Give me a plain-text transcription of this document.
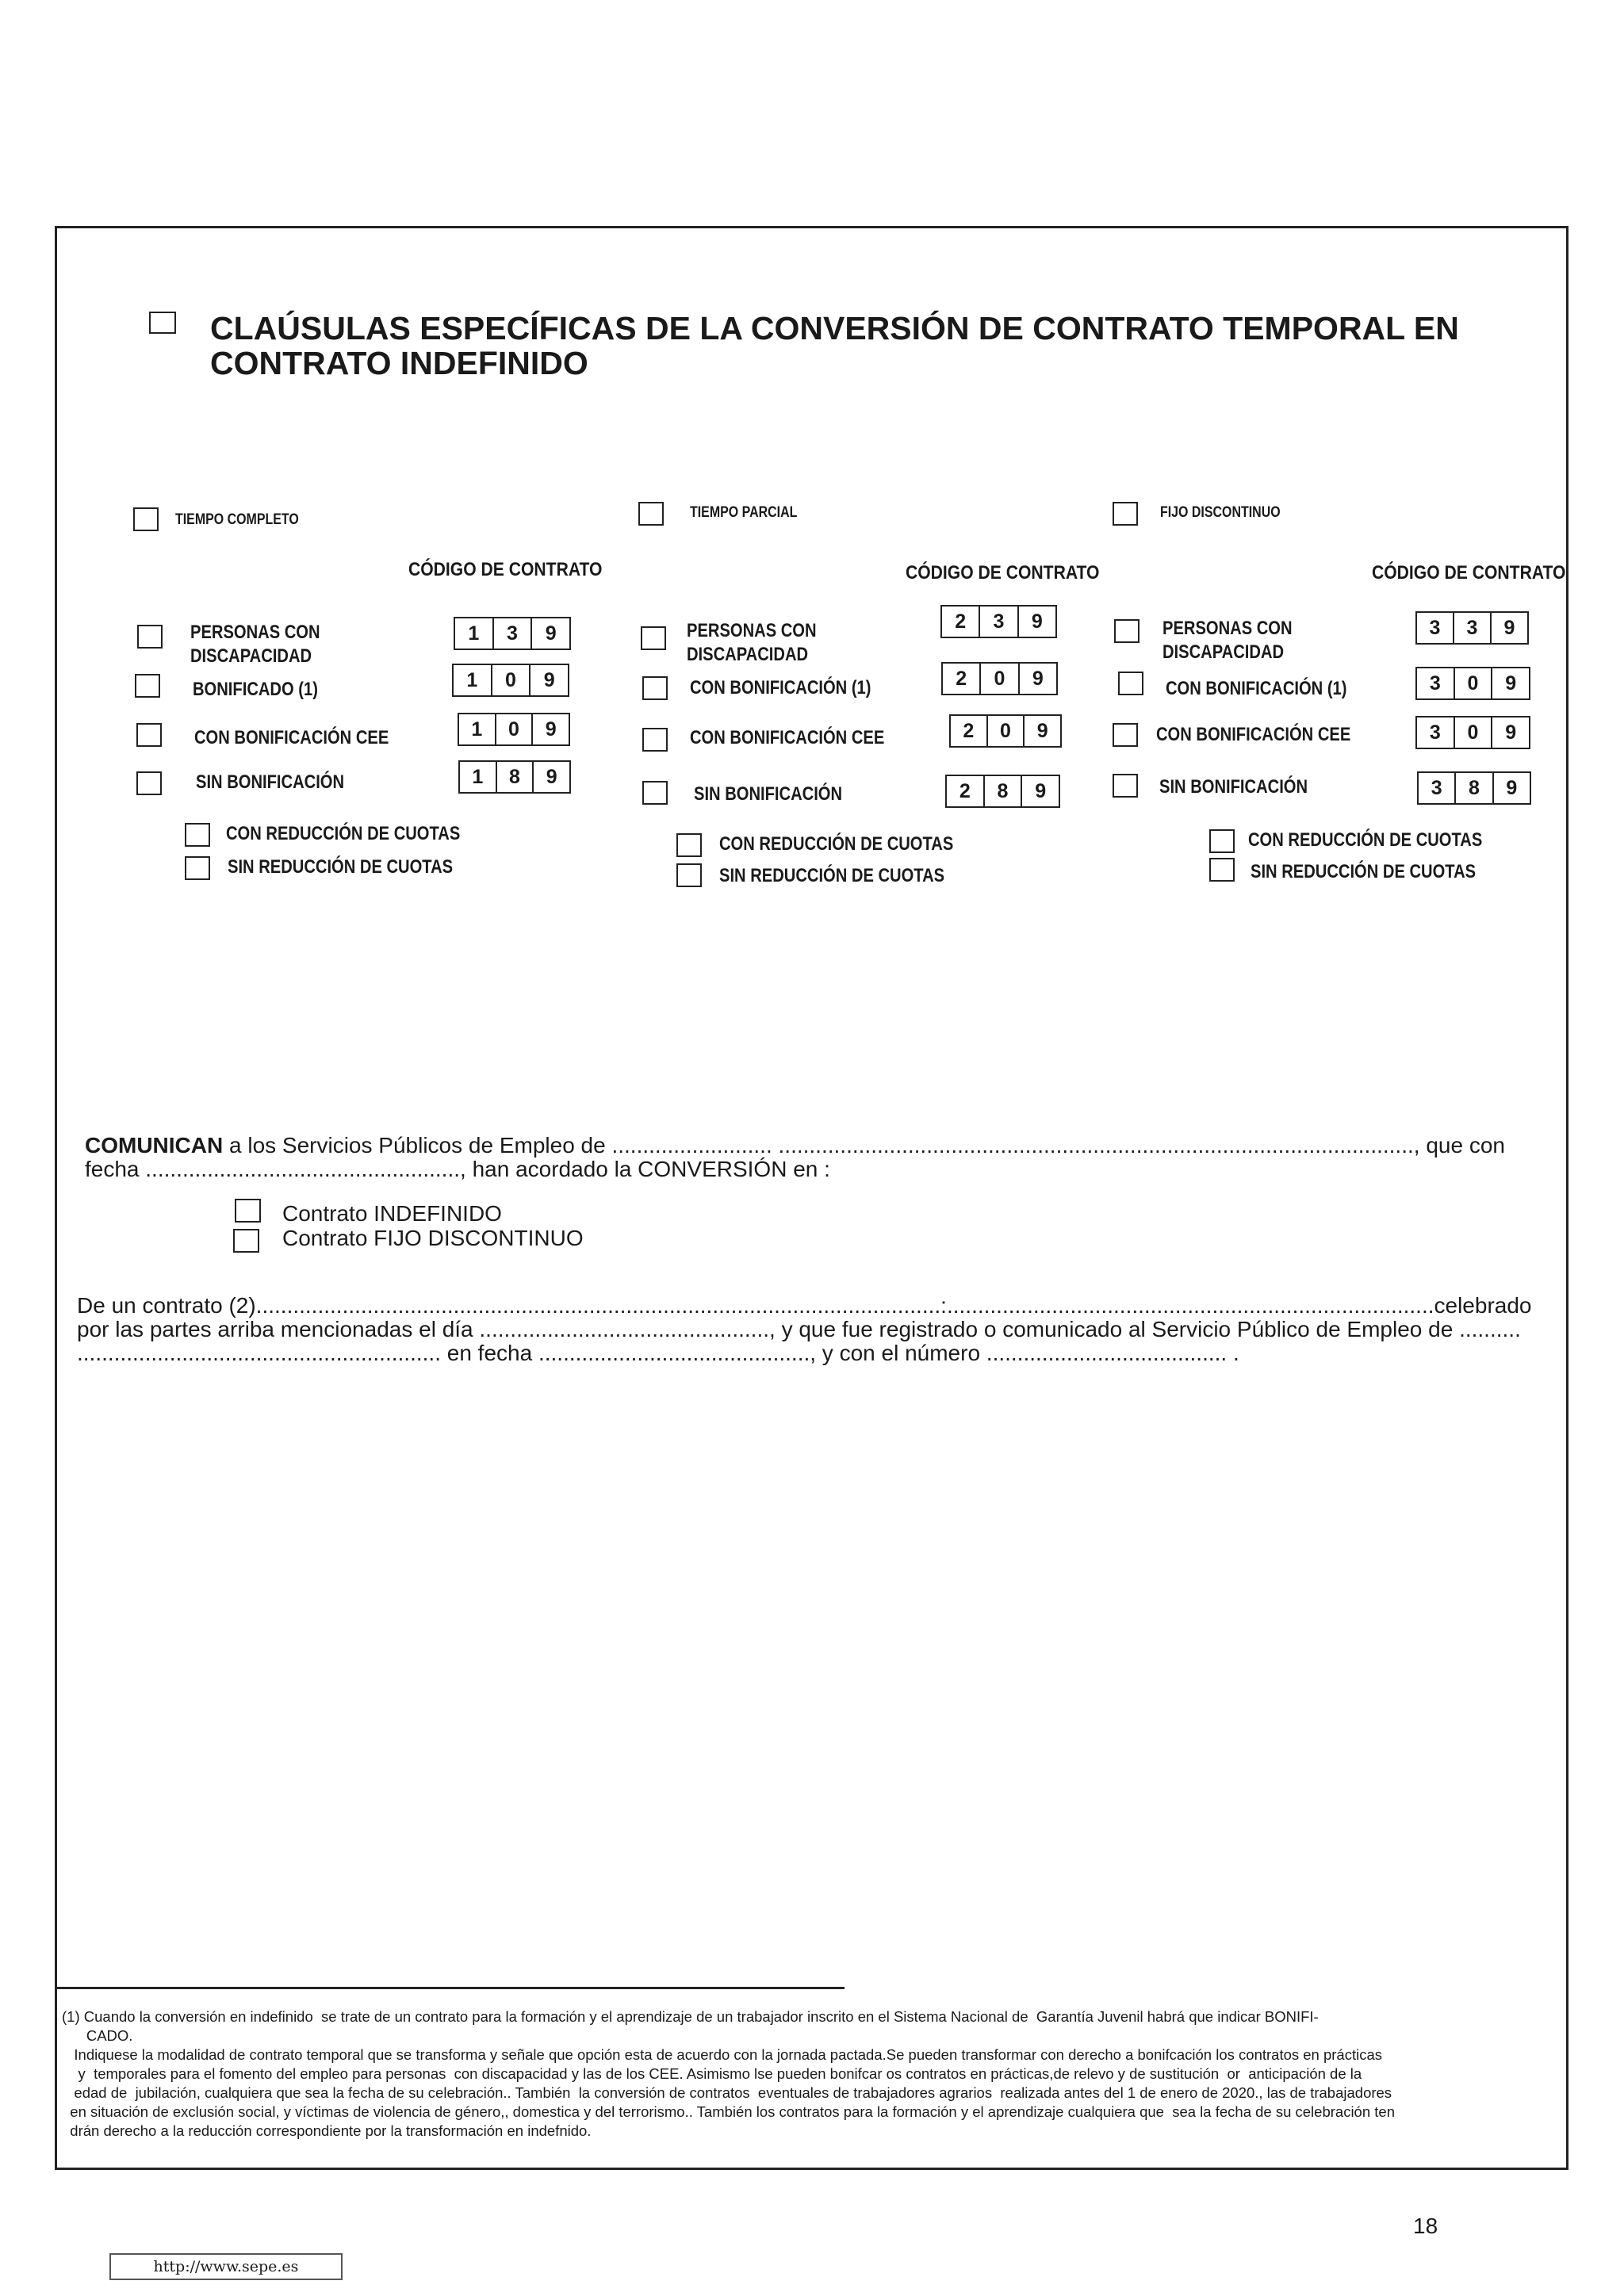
CLAÚSULAS ESPECÍFICAS DE LA CONVERSIÓN DE CONTRATO TEMPORAL EN
CONTRATO INDEFINIDO
TIEMPO COMPLETO
CÓDIGO DE CONTRATO
PERSONAS CON
DISCAPACIDAD
1	3	9
BONIFICADO (1)	1	0	9
CON BONIFICACIÓN CEE	1	0	9
SIN BONIFICACIÓN	1	8	9
CON REDUCCIÓN DE CUOTAS
SIN REDUCCIÓN DE CUOTAS
TIEMPO PARCIAL
CÓDIGO DE CONTRATO
PERSONAS CON
DISCAPACIDAD
2	3	9
CON BONIFICACIÓN (1)	2	0	9
CON BONIFICACIÓN CEE	2	0	9
SIN BONIFICACIÓN	2	8	9
CON REDUCCIÓN DE CUOTAS
SIN REDUCCIÓN DE CUOTAS
FIJO DISCONTINUO
CÓDIGO DE CONTRATO
PERSONAS CON
DISCAPACIDAD
3	3	9
CON BONIFICACIÓN (1)	3	0	9
CON BONIFICACIÓN CEE	3	0	9
SIN BONIFICACIÓN	3	8	9
CON REDUCCIÓN DE CUOTAS
SIN REDUCCIÓN DE CUOTAS
COMUNICAN a los Servicios Públicos de Empleo de .......................... ......................................................................................................., que con
fecha ..................................................., han acordado la CONVERSIÓN en :
Contrato INDEFINIDO
Contrato FIJO DISCONTINUO
De un contrato (2)...............................................................................................................:...............................................................................celebrado
por las partes arriba mencionadas el día ..............................................., y que fue registrado o comunicado al Servicio Público de Empleo de ..........
........................................................... en fecha ............................................, y con el número ....................................... .
(1) Cuando la conversión en indefinido  se trate de un contrato para la formación y el aprendizaje de un trabajador inscrito en el Sistema Nacional de  Garantía Juvenil habrá que indicar BONIFI-
CADO.
Indiquese la modalidad de contrato temporal que se transforma y señale que opción esta de acuerdo con la jornada pactada.Se pueden transformar con derecho a bonifcación los contratos en prácticas
y  temporales para el fomento del empleo para personas  con discapacidad y las de los CEE. Asimismo lse pueden bonifcar os contratos en prácticas,de relevo y de sustitución  or  anticipación de la
edad de  jubilación, cualquiera que sea la fecha de su celebración.. También  la conversión de contratos  eventuales de trabajadores agrarios  realizada antes del 1 de enero de 2020., las de trabajadores
en situación de exclusión social, y víctimas de violencia de género,, domestica y del terrorismo.. También los contratos para la formación y el aprendizaje cualquiera que  sea la fecha de su celebración ten
drán derecho a la reducción correspondiente por la transformación en indefnido.
18
http://www.sepe.es
